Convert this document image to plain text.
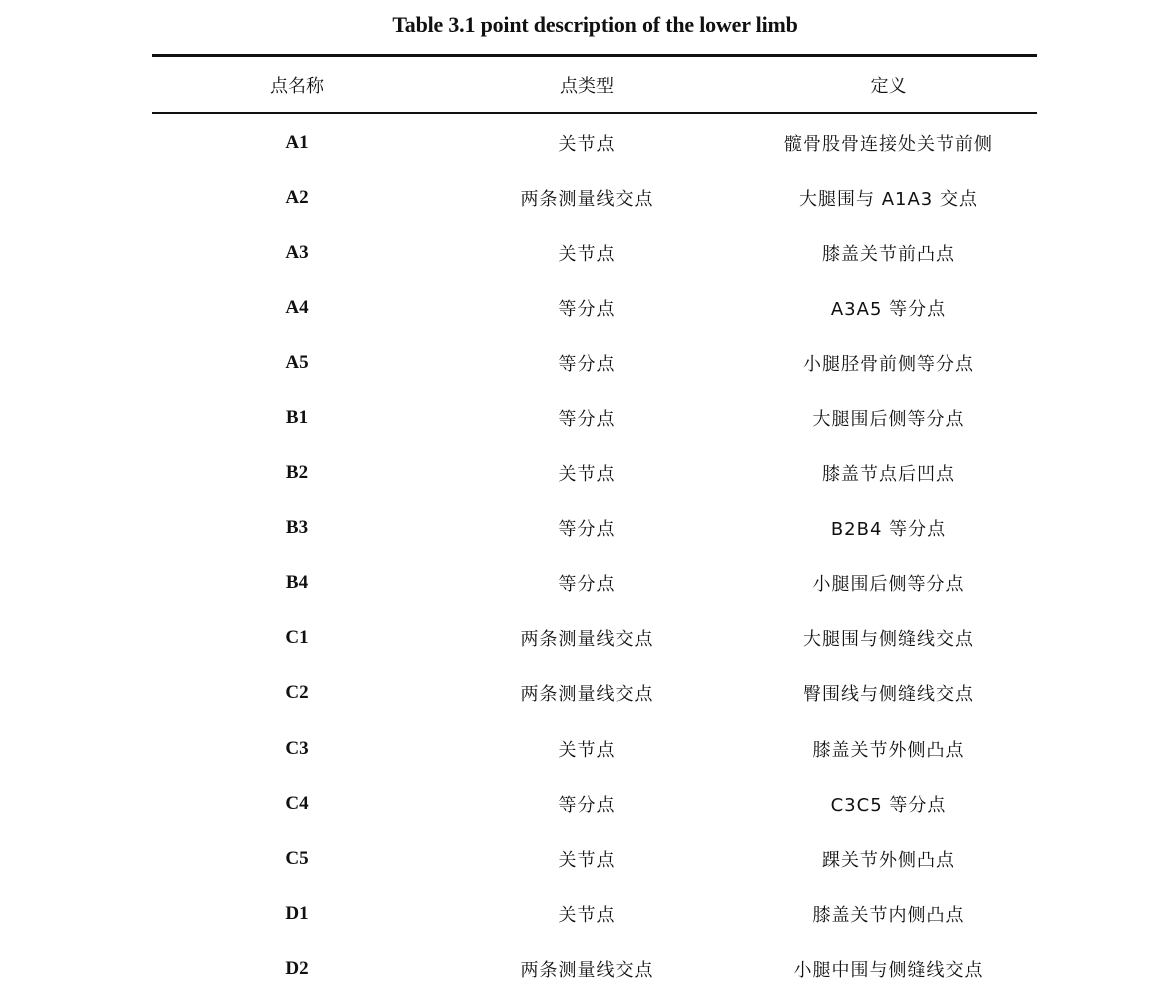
Table 3.1 point description of the lower limb
点名称	点类型	定义
A1	关节点	髋骨股骨连接处关节前侧
A2	两条测量线交点	大腿围与 A1A3 交点
A3	关节点	膝盖关节前凸点
A4	等分点	A3A5 等分点
A5	等分点	小腿胫骨前侧等分点
B1	等分点	大腿围后侧等分点
B2	关节点	膝盖节点后凹点
B3	等分点	B2B4 等分点
B4	等分点	小腿围后侧等分点
C1	两条测量线交点	大腿围与侧缝线交点
C2	两条测量线交点	臀围线与侧缝线交点
C3	关节点	膝盖关节外侧凸点
C4	等分点	C3C5 等分点
C5	关节点	踝关节外侧凸点
D1	关节点	膝盖关节内侧凸点
D2	两条测量线交点	小腿中围与侧缝线交点
